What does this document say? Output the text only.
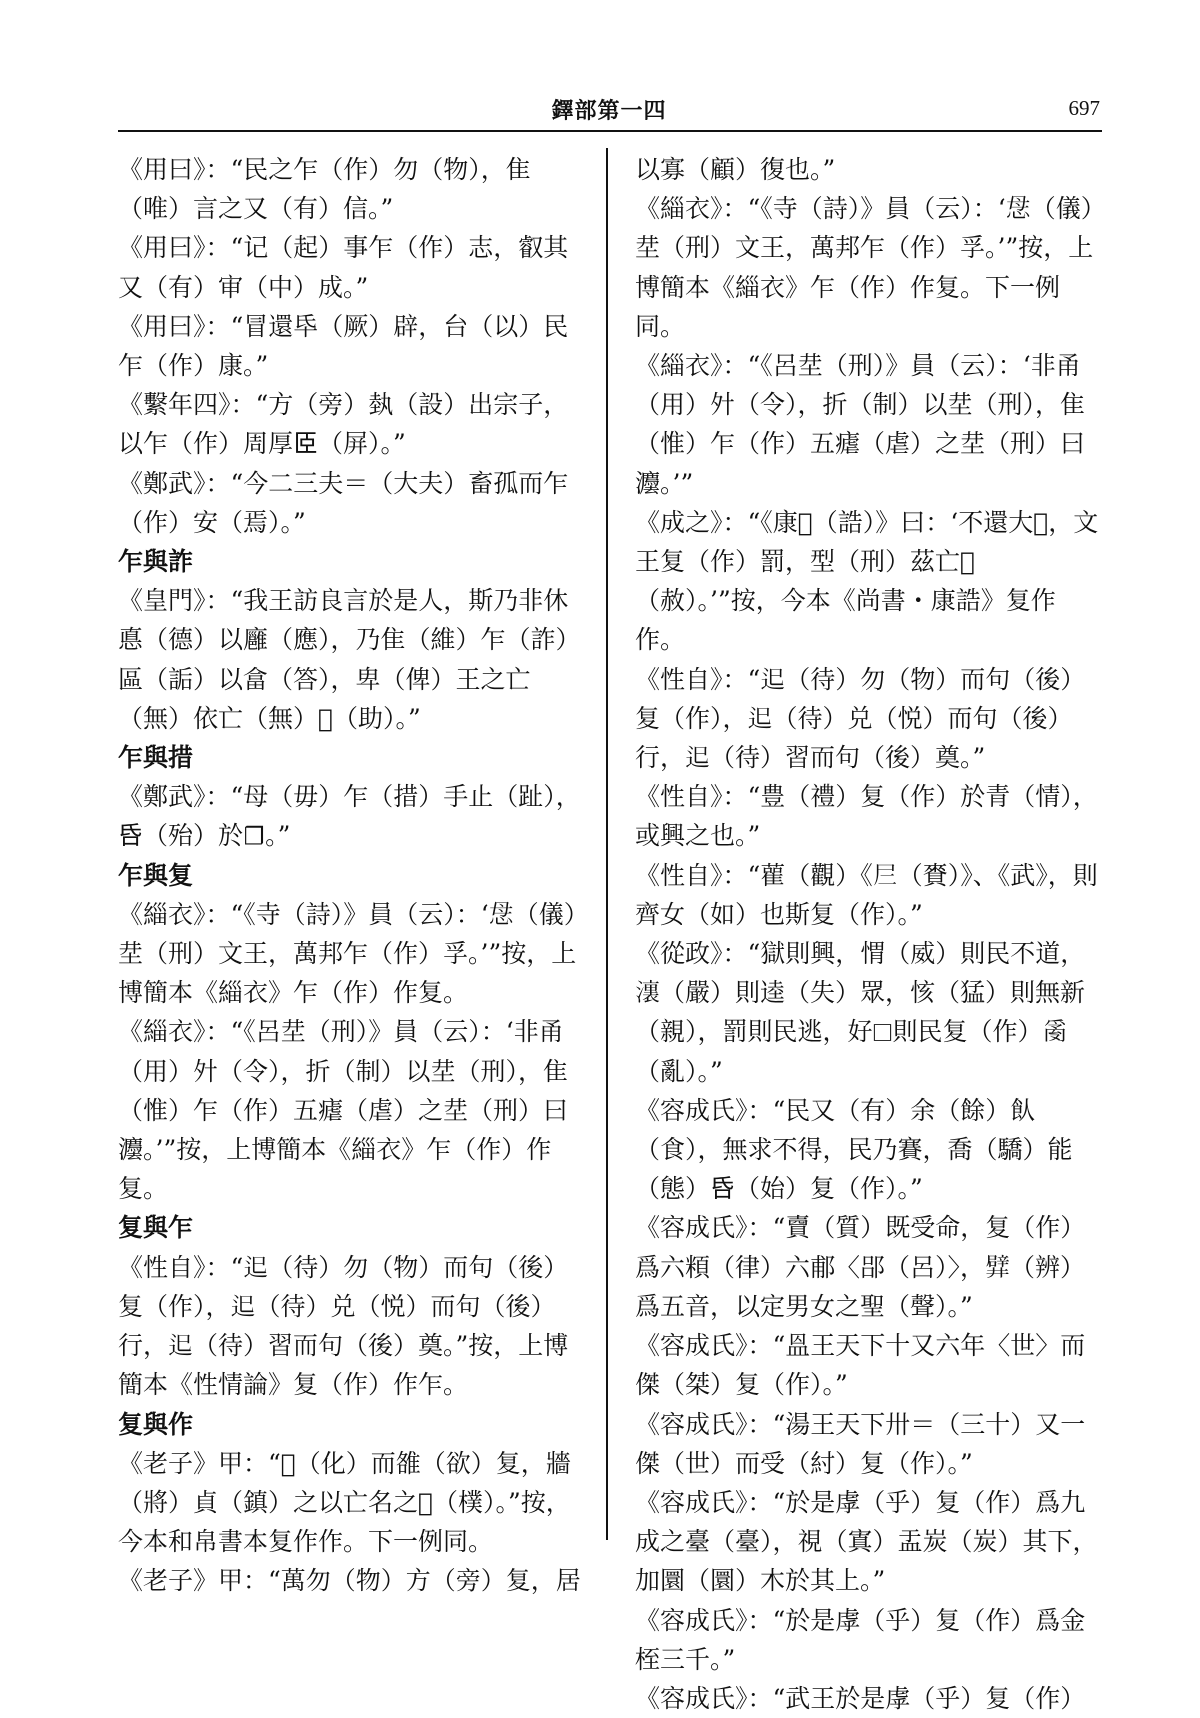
鐸部第一四	697

《用曰》：“民之乍（作）勿（物），隹（唯）言之又（有）信。”

《用曰》：“记（起）事乍（作）志，叡其又（有）审（中）成。”

《用曰》：“冒還氒（厥）辟，台（以）民乍（作）康。”

《繫年四》：“方（旁）埶（設）出宗子，以乍（作）周厚𦣞（屏）。”

《鄭武》：“今二三夫＝（大夫）畜孤而乍（作）安（焉）。”

乍與詐

《皇門》：“我王訪良言於是人，斯乃非休悳（德）以廱（應），乃隹（維）乍（詐）區（詬）以畣（答），卑（俾）王之亡（無）依亡（無）𦌈（助）。”

乍與措

《鄭武》：“母（毋）乍（措）手止（趾），𠯑（殆）於☐。”

乍與复

《緇衣》：“《寺（詩）》員（云）：‘𢘓（儀）坓（刑）文王，萬邦乍（作）孚。’”按，上博簡本《緇衣》乍（作）作复。

《緇衣》：“《呂坓（刑）》員（云）：‘非甬（用）㚈（令），折（制）以坓（刑），隹（惟）乍（作）五瘧（虐）之坓（刑）曰灋。’”按，上博簡本《緇衣》乍（作）作复。

复與乍

《性自》：“𨑓（待）勿（物）而句（後）复（作），𨑓（待）兑（悦）而句（後）行，𨑓（待）習而句（後）奠。”按，上博簡本《性情論》复（作）作乍。

复與作

《老子》甲：“𢡺（化）而雒（欲）复，牆（將）貞（鎮）之以亡名之𡦹（樸）。”按，今本和帛書本复作作。下一例同。

《老子》甲：“萬勿（物）方（旁）复，居

以寡（顧）復也。”

《緇衣》：“《寺（詩）》員（云）：‘𢘓（儀）坓（刑）文王，萬邦乍（作）孚。’”按，上博簡本《緇衣》乍（作）作复。下一例同。

《緇衣》：“《呂坓（刑）》員（云）：‘非甬（用）㚈（令），折（制）以坓（刑），隹（惟）乍（作）五瘧（虐）之坓（刑）曰灋。’”

《成之》：“《康𪧣（誥）》曰：‘不還大𧡀，文王复（作）罰，型（刑）茲亡𢝊（赦）。’”按，今本《尚書・康誥》复作作。

《性自》：“𨑓（待）勿（物）而句（後）复（作），𨑓（待）兑（悦）而句（後）行，𨑓（待）習而句（後）奠。”

《性自》：“豊（禮）复（作）於青（情），或興之也。”

《性自》：“雚（觀）《𡰥（賚）》、《武》，則齊女（如）也斯复（作）。”

《從政》：“獄則興，㥜（威）則民不道，𣿞（嚴）則逵（失）眾，㤥（猛）則無新（親），罰則民逃，好☐則民复（作）𤔔（亂）。”

《容成氏》：“民又（有）余（餘）飤（食），無求不得，民乃賽，喬（驕）能（態）𠯑（始）复（作）。”

《容成氏》：“𧶠（質）既受命，复（作）爲六頪（律）六郙〈郘（呂）〉，𨐨（辨）爲五音，以定男女之聖（聲）。”

《容成氏》：“𥁕王天下十又六年〈世〉而傑（桀）复（作）。”

《容成氏》：“湯王天下卅＝（三十）又一傑（世）而受（紂）复（作）。”

《容成氏》：“於是虖（乎）复（作）爲九成之臺（臺），視（寘）盂炭（炭）其下，加圜（圜）木於其上。”

《容成氏》：“於是虖（乎）复（作）爲金桎三千。”

《容成氏》：“武王於是虖（乎）复（作）
